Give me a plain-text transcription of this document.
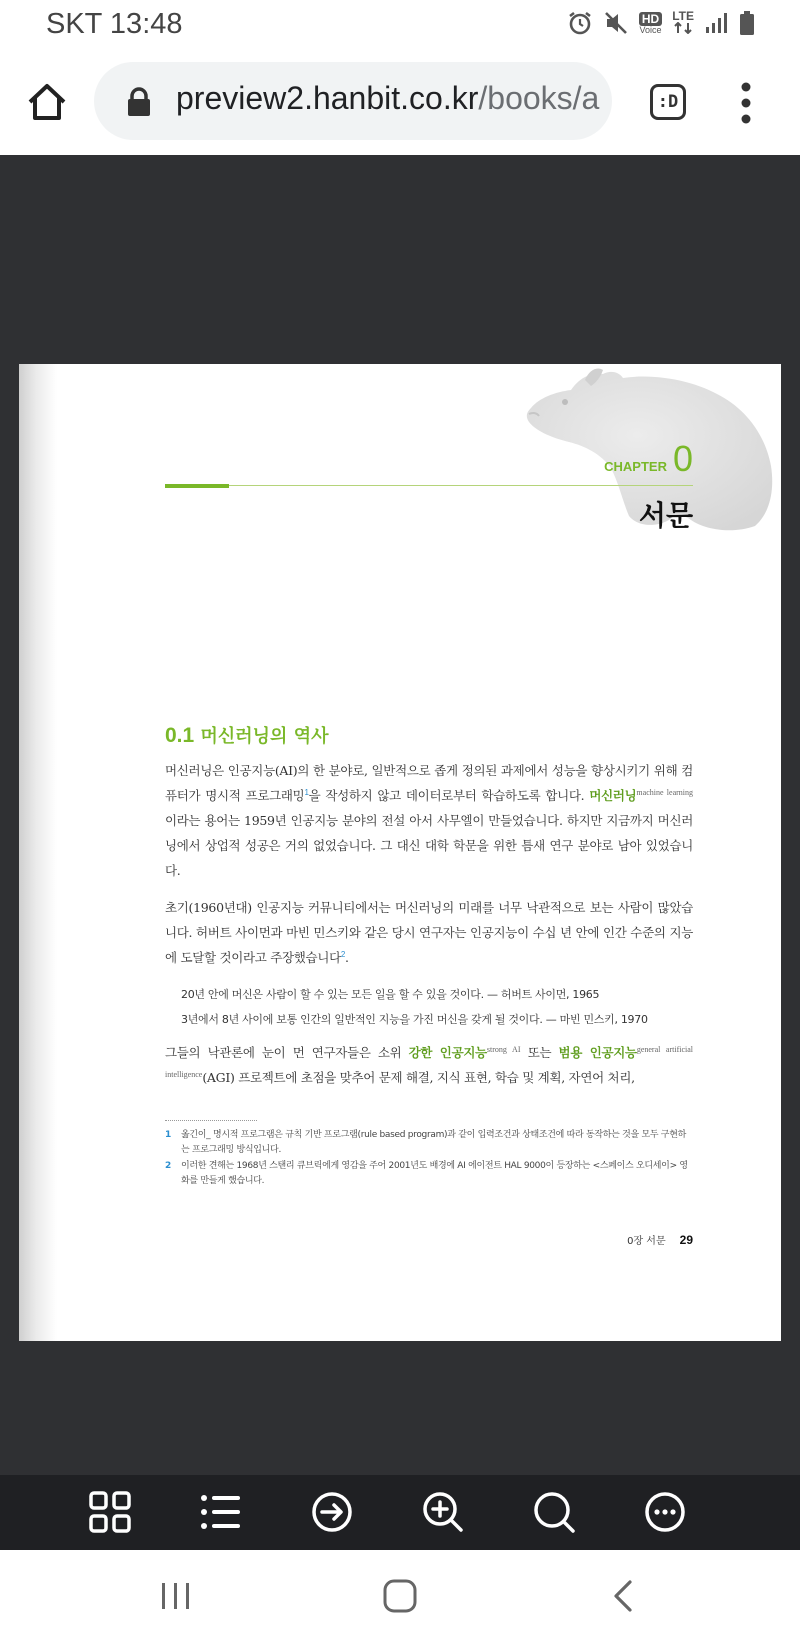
SKT 13:48	HD
Voice
LTE

preview2.hanbit.co.kr/books/a	:D
CHAPTER 0
서문
0.1 머신러닝의 역사
머신러닝은 인공지능(AI)의 한 분야로, 일반적으로 좁게 정의된 과제에서 성능을 향상시키기 위해 컴퓨터가 명시적 프로그래밍$^1$을 작성하지 않고 데이터로부터 학습하도록 합니다. 머신러닝$^{machine learning}$이라는 용어는 1959년 인공지능 분야의 전설 아서 사무엘이 만들었습니다. 하지만 지금까지 머신러닝에서 상업적 성공은 거의 없었습니다. 그 대신 대학 학문을 위한 틈새 연구 분야로 남아 있었습니다.
초기(1960년대) 인공지능 커뮤니티에서는 머신러닝의 미래를 너무 낙관적으로 보는 사람이 많았습니다. 허버트 사이먼과 마빈 민스키와 같은 당시 연구자는 인공지능이 수십 년 안에 인간 수준의 지능에 도달할 것이라고 주장했습니다$^2$.
20년 안에 머신은 사람이 할 수 있는 모든 일을 할 수 있을 것이다. — 허버트 사이먼, 1965
3년에서 8년 사이에 보통 인간의 일반적인 지능을 가진 머신을 갖게 될 것이다. — 마빈 민스키, 1970
그들의 낙관론에 눈이 먼 연구자들은 소위 강한 인공지능$^{strong AI}$ 또는 범용 인공지능$^{general artificial intelligence}$(AGI) 프로젝트에 초점을 맞추어 문제 해결, 지식 표현, 학습 및 계획, 자연어 처리,
1	옮긴이_ 명시적 프로그램은 규칙 기반 프로그램(rule based program)과 같이 입력조건과 상태조건에 따라 동작하는 것을 모두 구현하는 프로그래밍 방식입니다.
2	이러한 견해는 1968년 스탠리 큐브릭에게 영감을 주어 2001년도 배경에 AI 에이전트 HAL 9000이 등장하는 <스페이스 오디세이> 영화를 만들게 했습니다.
0장 서문 29
